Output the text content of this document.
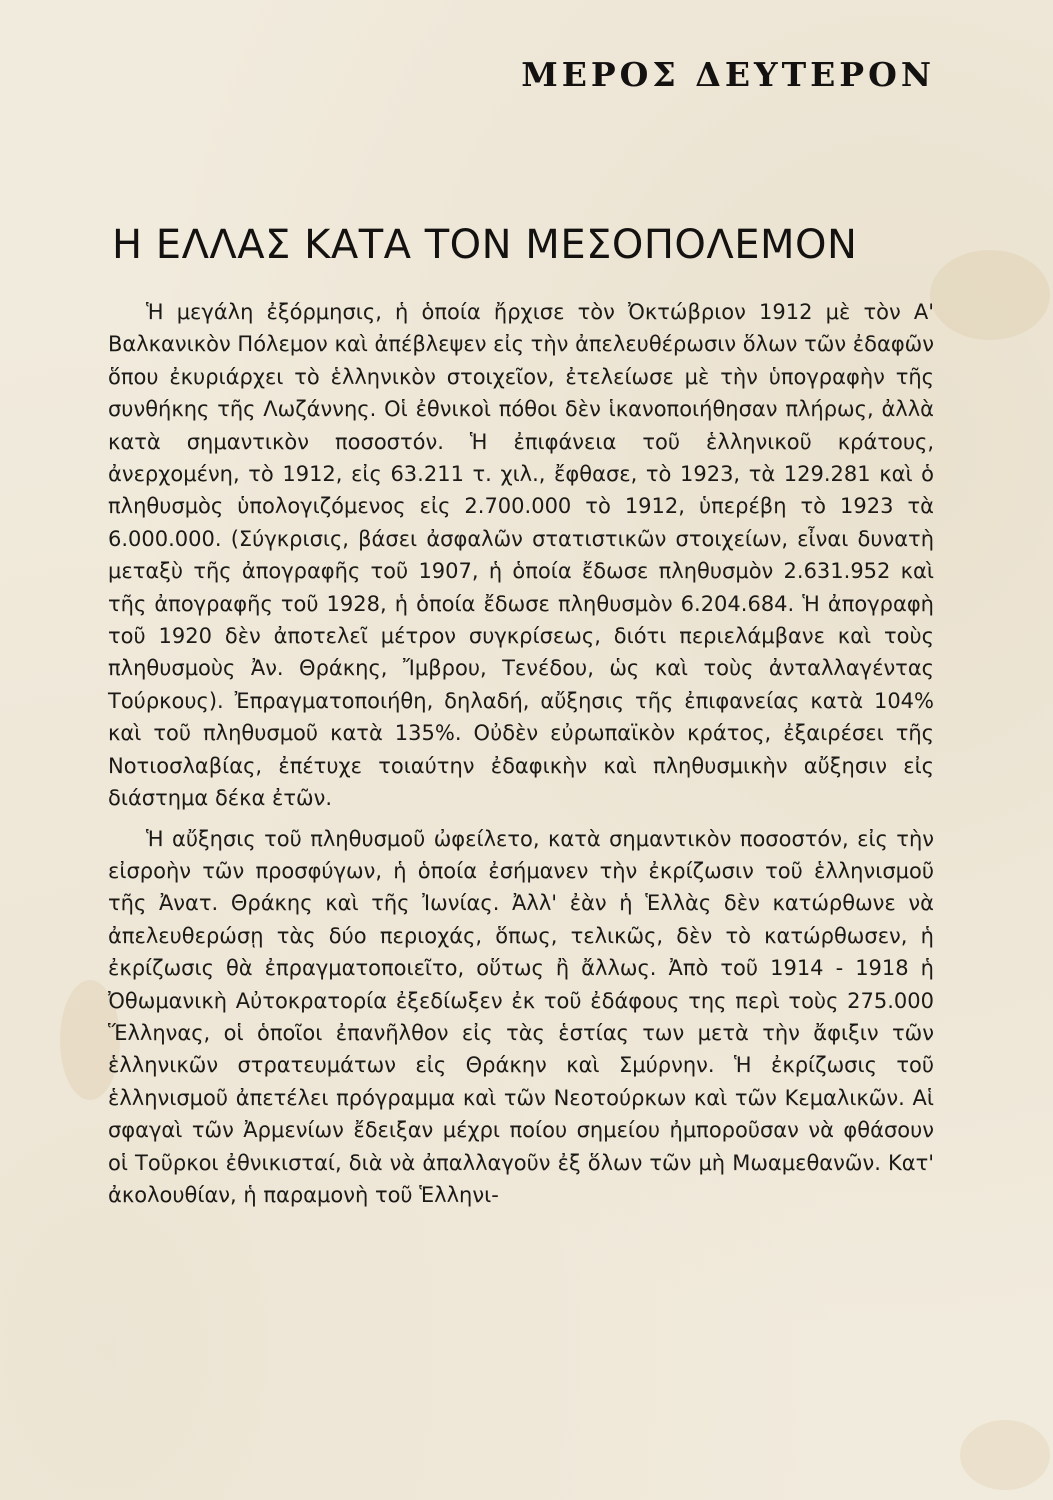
ΜΕΡΟΣ ΔΕΥΤΕΡΟΝ
Η ΕΛΛΑΣ ΚΑΤΑ ΤΟΝ ΜΕΣΟΠΟΛΕΜΟΝ

Ἡ μεγάλη ἐξόρμησις, ἡ ὁποία ἤρχισε τὸν Ὀκτώβριον 1912 μὲ τὸν Α' Βαλκανικὸν Πόλεμον καὶ ἀπέβλεψεν εἰς τὴν ἀπελευθέρωσιν ὅλων τῶν ἐδαφῶν ὅπου ἐκυριάρχει τὸ ἑλληνικὸν στοιχεῖον, ἐτελείωσε μὲ τὴν ὑπογραφὴν τῆς συνθήκης τῆς Λωζάννης. Οἱ ἐθνικοὶ πόθοι δὲν ἱκανοποιήθησαν πλήρως, ἀλλὰ κατὰ σημαντικὸν ποσοστόν. Ἡ ἐπιφάνεια τοῦ ἑλληνικοῦ κράτους, ἀνερχομένη, τὸ 1912, εἰς 63.211 τ. χιλ., ἔφθασε, τὸ 1923, τὰ 129.281 καὶ ὁ πληθυσμὸς ὑπολογιζόμενος εἰς 2.700.000 τὸ 1912, ὑπερέβη τὸ 1923 τὰ 6.000.000. (Σύγκρισις, βάσει ἀσφαλῶν στατιστικῶν στοιχείων, εἶναι δυνατὴ μεταξὺ τῆς ἀπογραφῆς τοῦ 1907, ἡ ὁποία ἔδωσε πληθυσμὸν 2.631.952 καὶ τῆς ἀπογραφῆς τοῦ 1928, ἡ ὁποία ἔδωσε πληθυσμὸν 6.204.684. Ἡ ἀπογραφὴ τοῦ 1920 δὲν ἀποτελεῖ μέτρον συγκρίσεως, διότι περιελάμβανε καὶ τοὺς πληθυσμοὺς Ἀν. Θράκης, Ἴμβρου, Τενέδου, ὡς καὶ τοὺς ἀνταλλαγέντας Τούρκους). Ἐπραγματοποιήθη, δηλαδή, αὔξησις τῆς ἐπιφανείας κατὰ 104% καὶ τοῦ πληθυσμοῦ κατὰ 135%. Οὐδὲν εὐρωπαϊκὸν κράτος, ἐξαιρέσει τῆς Νοτιοσλαβίας, ἐπέτυχε τοιαύτην ἐδαφικὴν καὶ πληθυσμικὴν αὔξησιν εἰς διάστημα δέκα ἐτῶν.

Ἡ αὔξησις τοῦ πληθυσμοῦ ὠφείλετο, κατὰ σημαντικὸν ποσοστόν, εἰς τὴν εἰσροὴν τῶν προσφύγων, ἡ ὁποία ἐσήμανεν τὴν ἐκρίζωσιν τοῦ ἑλληνισμοῦ τῆς Ἀνατ. Θράκης καὶ τῆς Ἰωνίας. Ἀλλ' ἐὰν ἡ Ἑλλὰς δὲν κατώρθωνε νὰ ἀπελευθερώσῃ τὰς δύο περιοχάς, ὅπως, τελικῶς, δὲν τὸ κατώρθωσεν, ἡ ἐκρίζωσις θὰ ἐπραγματοποιεῖτο, οὕτως ἢ ἄλλως. Ἀπὸ τοῦ 1914 - 1918 ἡ Ὀθωμανικὴ Αὐτοκρατορία ἐξεδίωξεν ἐκ τοῦ ἐδάφους της περὶ τοὺς 275.000 Ἕλληνας, οἱ ὁποῖοι ἐπανῆλθον εἰς τὰς ἑστίας των μετὰ τὴν ἄφιξιν τῶν ἑλληνικῶν στρατευμάτων εἰς Θράκην καὶ Σμύρνην. Ἡ ἐκρίζωσις τοῦ ἑλληνισμοῦ ἀπετέλει πρόγραμμα καὶ τῶν Νεοτούρκων καὶ τῶν Κεμαλικῶν. Αἱ σφαγαὶ τῶν Ἀρμενίων ἔδειξαν μέχρι ποίου σημείου ἠμποροῦσαν νὰ φθάσουν οἱ Τοῦρκοι ἐθνικισταί, διὰ νὰ ἀπαλλαγοῦν ἐξ ὅλων τῶν μὴ Μωαμεθανῶν. Κατ' ἀκολουθίαν, ἡ παραμονὴ τοῦ Ἑλληνι-
